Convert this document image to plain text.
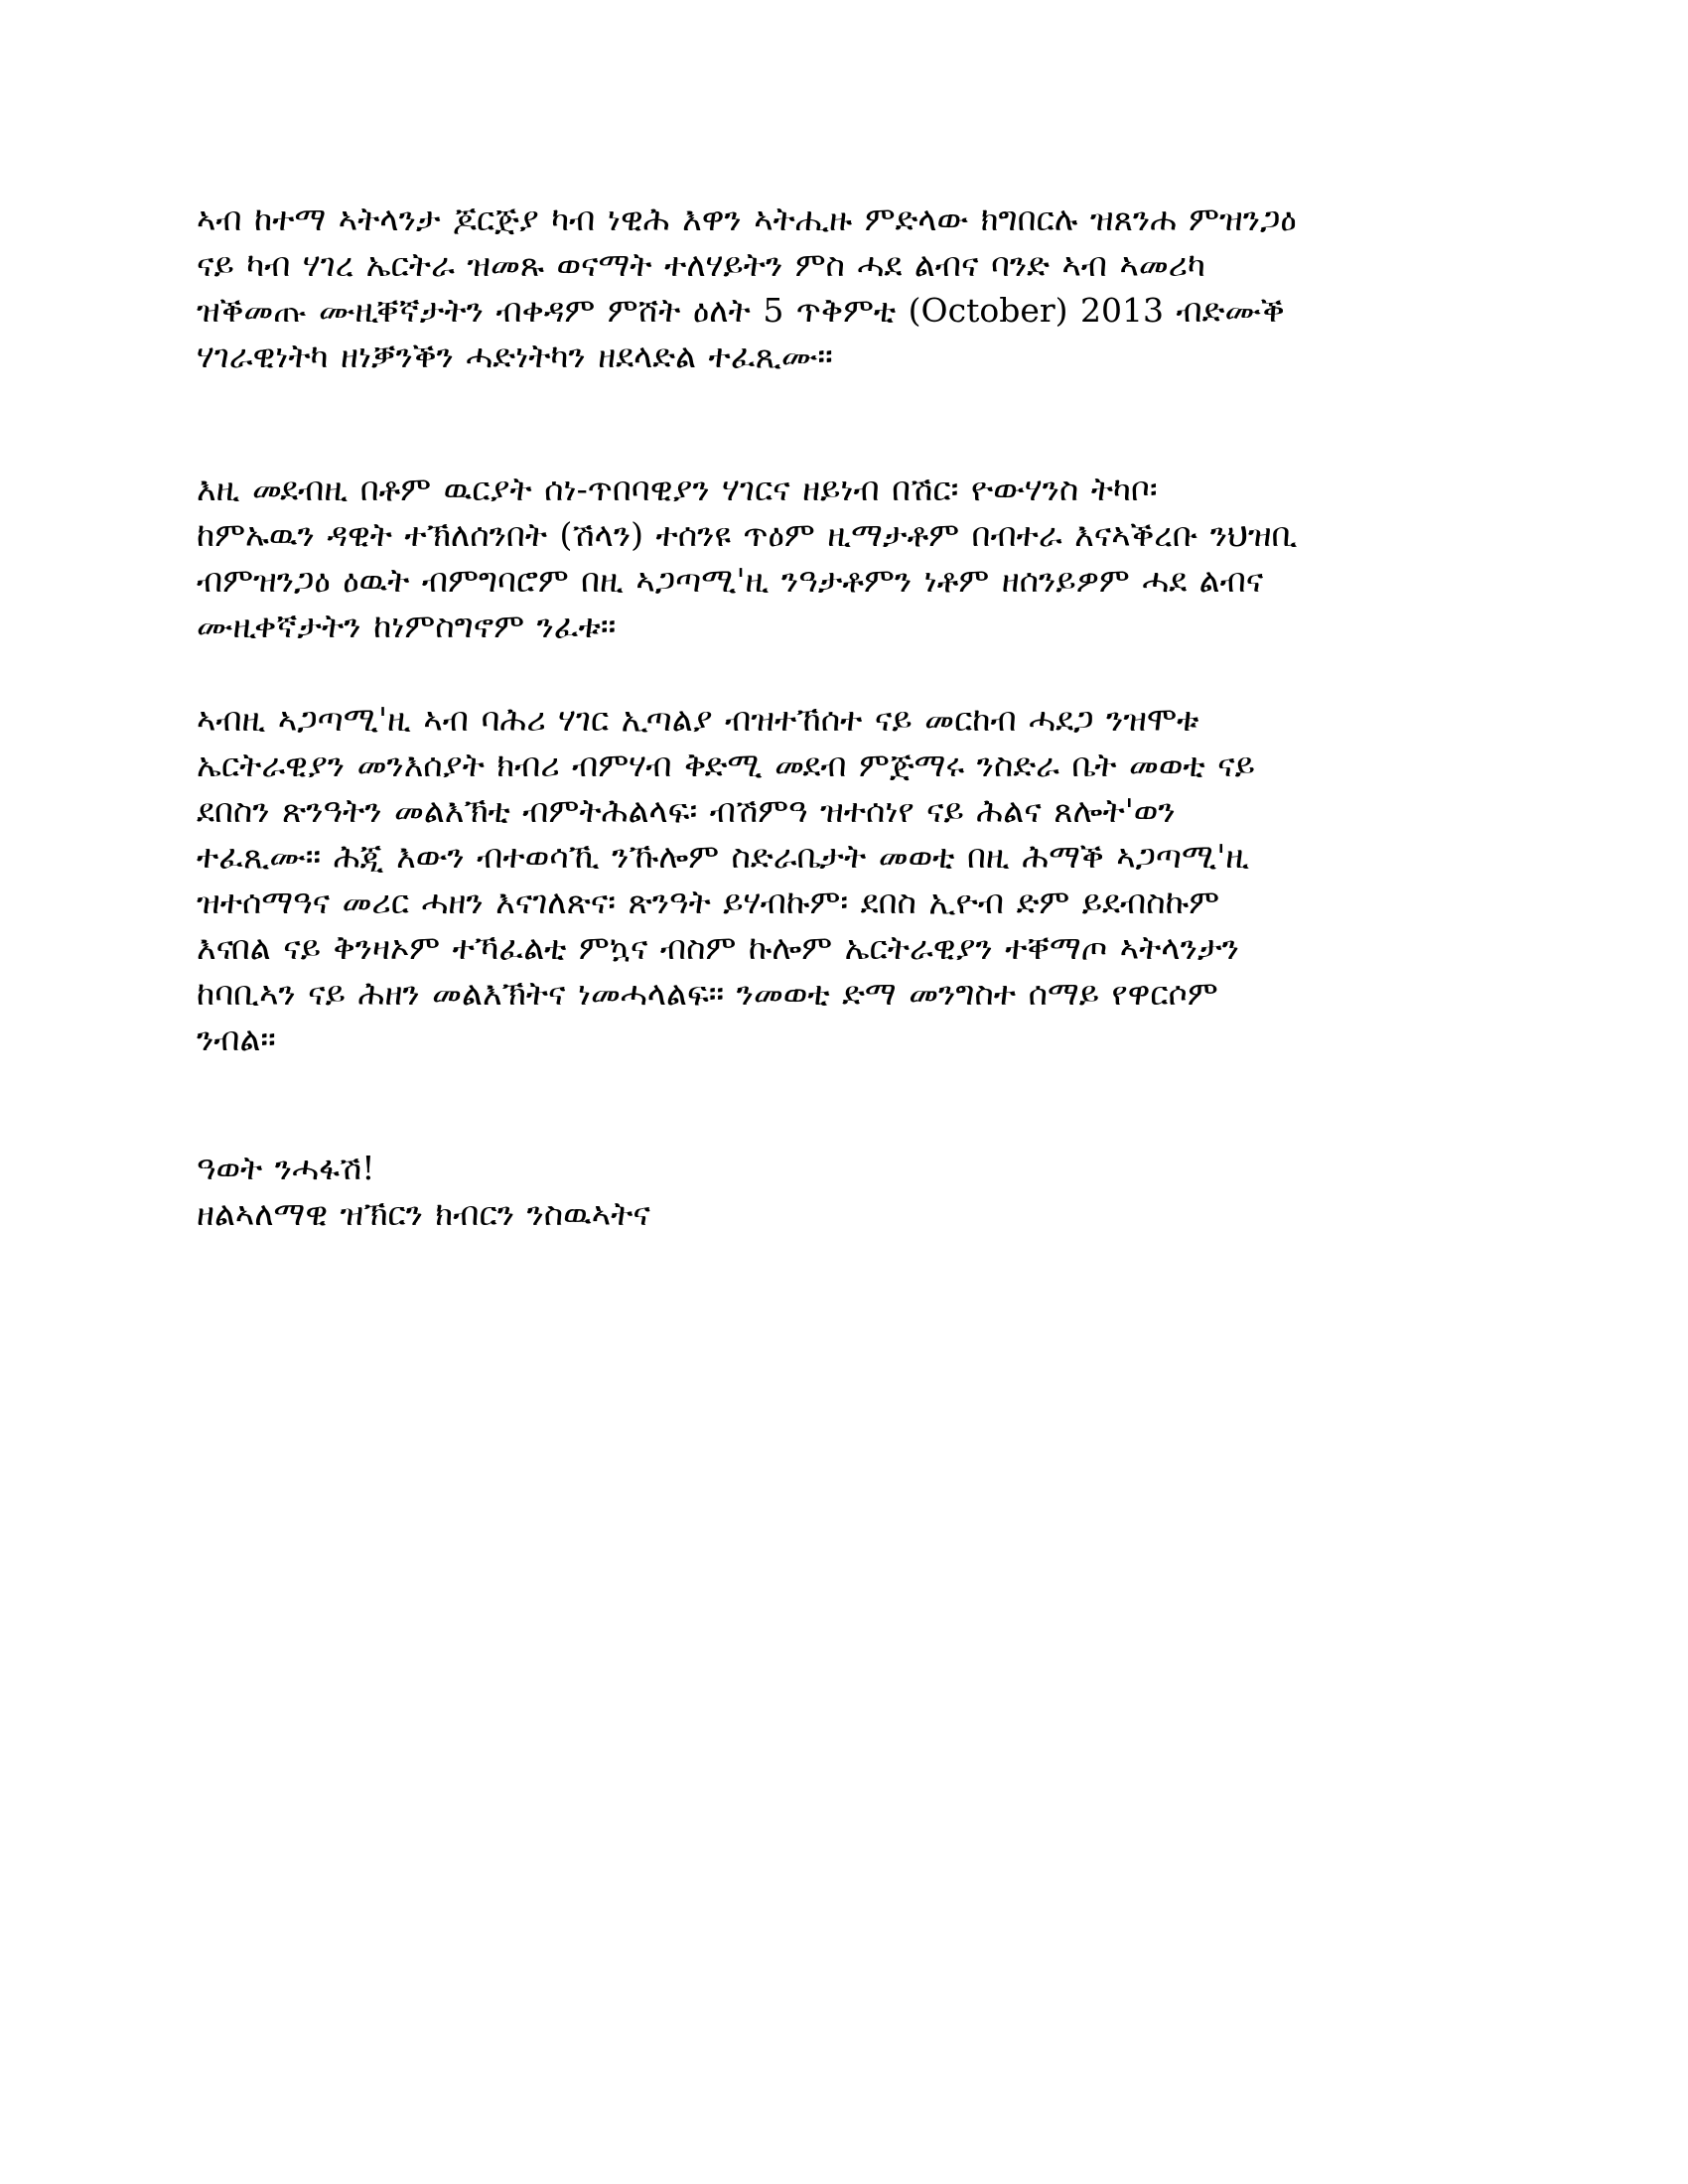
ኣብ ከተማ ኣትላንታ ጆርጅያ ካብ ነዊሕ እዋን ኣትሒዙ ምድላው ክግበርሉ ዝጸንሐ ምዝንጋዕ
ናይ ካብ ሃገረ ኤርትራ ዝመጹ ወናማት ተለሃይትን ምስ ሓደ ልብና ባንድ ኣብ ኣመሪካ
ዝቕመጡ ሙዚቐኛታትን ብቀዳም ምሸት ዕለት 5 ጥቅምቲ (October) 2013 ብድሙቕ
ሃገራዊነትካ ዘነቓንቕን ሓድነትካን ዘደላድል ተፈጺሙ።
እዚ መደብዚ በቶም ዉርያት ሰነ-ጥበባዊያን ሃገርና ዘይነብ በሽር፡ ዮውሃንስ ትካቦ፡
ከምኡዉን ዳዊት ተኽለሰንበት (ሽላን) ተሰንዩ ጥዕም ዚማታቶም በብተራ እናኣቕረቡ ንህዝቢ
ብምዝንጋዕ ዕዉት ብምግባሮም በዚ ኣጋጣሚ'ዚ ንዓታቶምን ነቶም ዘሰንይዎም ሓደ ልብና
ሙዚቀኛታትን ከነምስግኖም ንፈቱ።
ኣብዚ ኣጋጣሚ'ዚ ኣብ ባሕሪ ሃገር ኢጣልያ ብዝተኸሰተ ናይ መርከብ ሓደጋ ንዝሞቱ
ኤርትራዊያን መንእሰያት ክብሪ ብምሃብ ቅድሚ መደብ ምጅማሩ ንስድራ ቤት መወቲ ናይ
ደበስን ጽንዓትን መልእኽቲ ብምትሕልላፍ፡ ብሽምዓ ዝተሰነየ ናይ ሕልና ጸሎት'ወን
ተፈጺሙ። ሕጂ እውን ብተወሳኺ ንኹሎም ስድራቤታት መወቲ በዚ ሕማቕ ኣጋጣሚ'ዚ
ዝተሰማዓና መሪር ሓዘን እናገለጽና፡ ጽንዓት ይሃብኩም፡ ደበስ ኢዮብ ድም ይደብስኩም
እናበል ናይ ቅንዛኦም ተኻፈልቲ ምኳና ብስም ኩሎም ኤርትራዊያን ተቐማጦ ኣትላንታን
ከባቢኣን ናይ ሕዘን መልእኽትና ነመሓላልፍ። ንመወቲ ድማ መንግስተ ሰማይ የዋርሶም
ንብል።
ዓወት ንሓፋሽ!
ዘልኣለማዊ ዝኽርን ክብርን ንስዉኣትና
